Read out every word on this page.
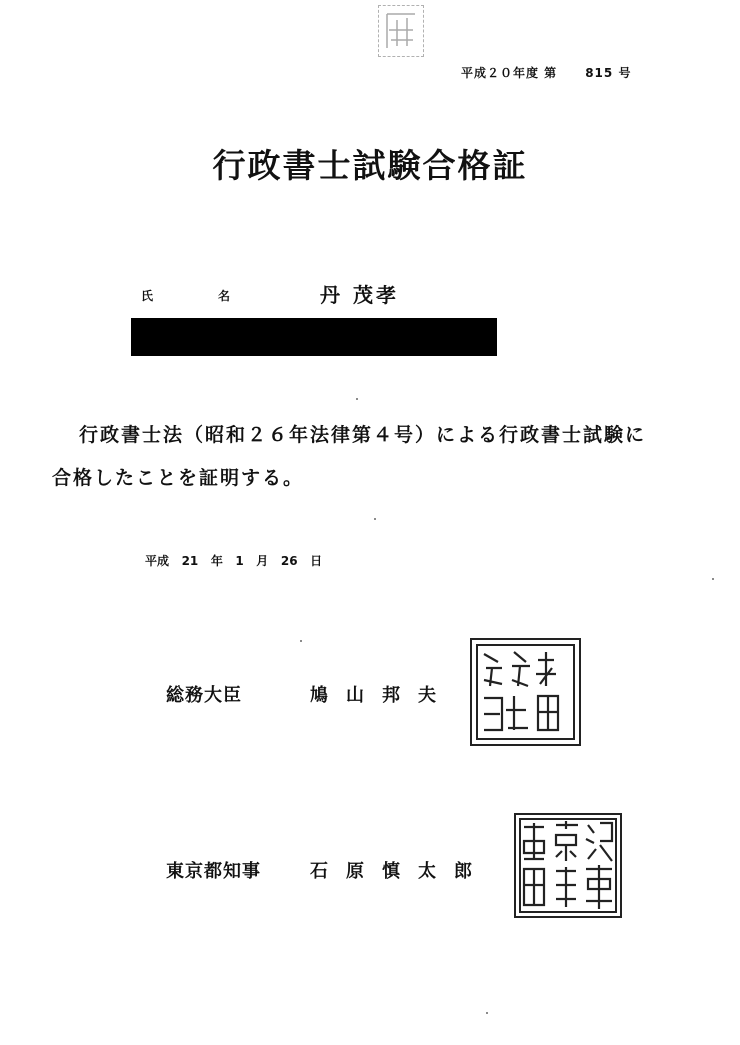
平成２０年度 第 815 号
行政書士試験合格証
氏	名	丹 茂孝
行政書士法（昭和２６年法律第４号）による行政書士試験に
合格したことを証明する。
平成 21 年 1 月 26 日
総務大臣	鳩　山　邦　夫
東京都知事	石　原　慎　太　郎
